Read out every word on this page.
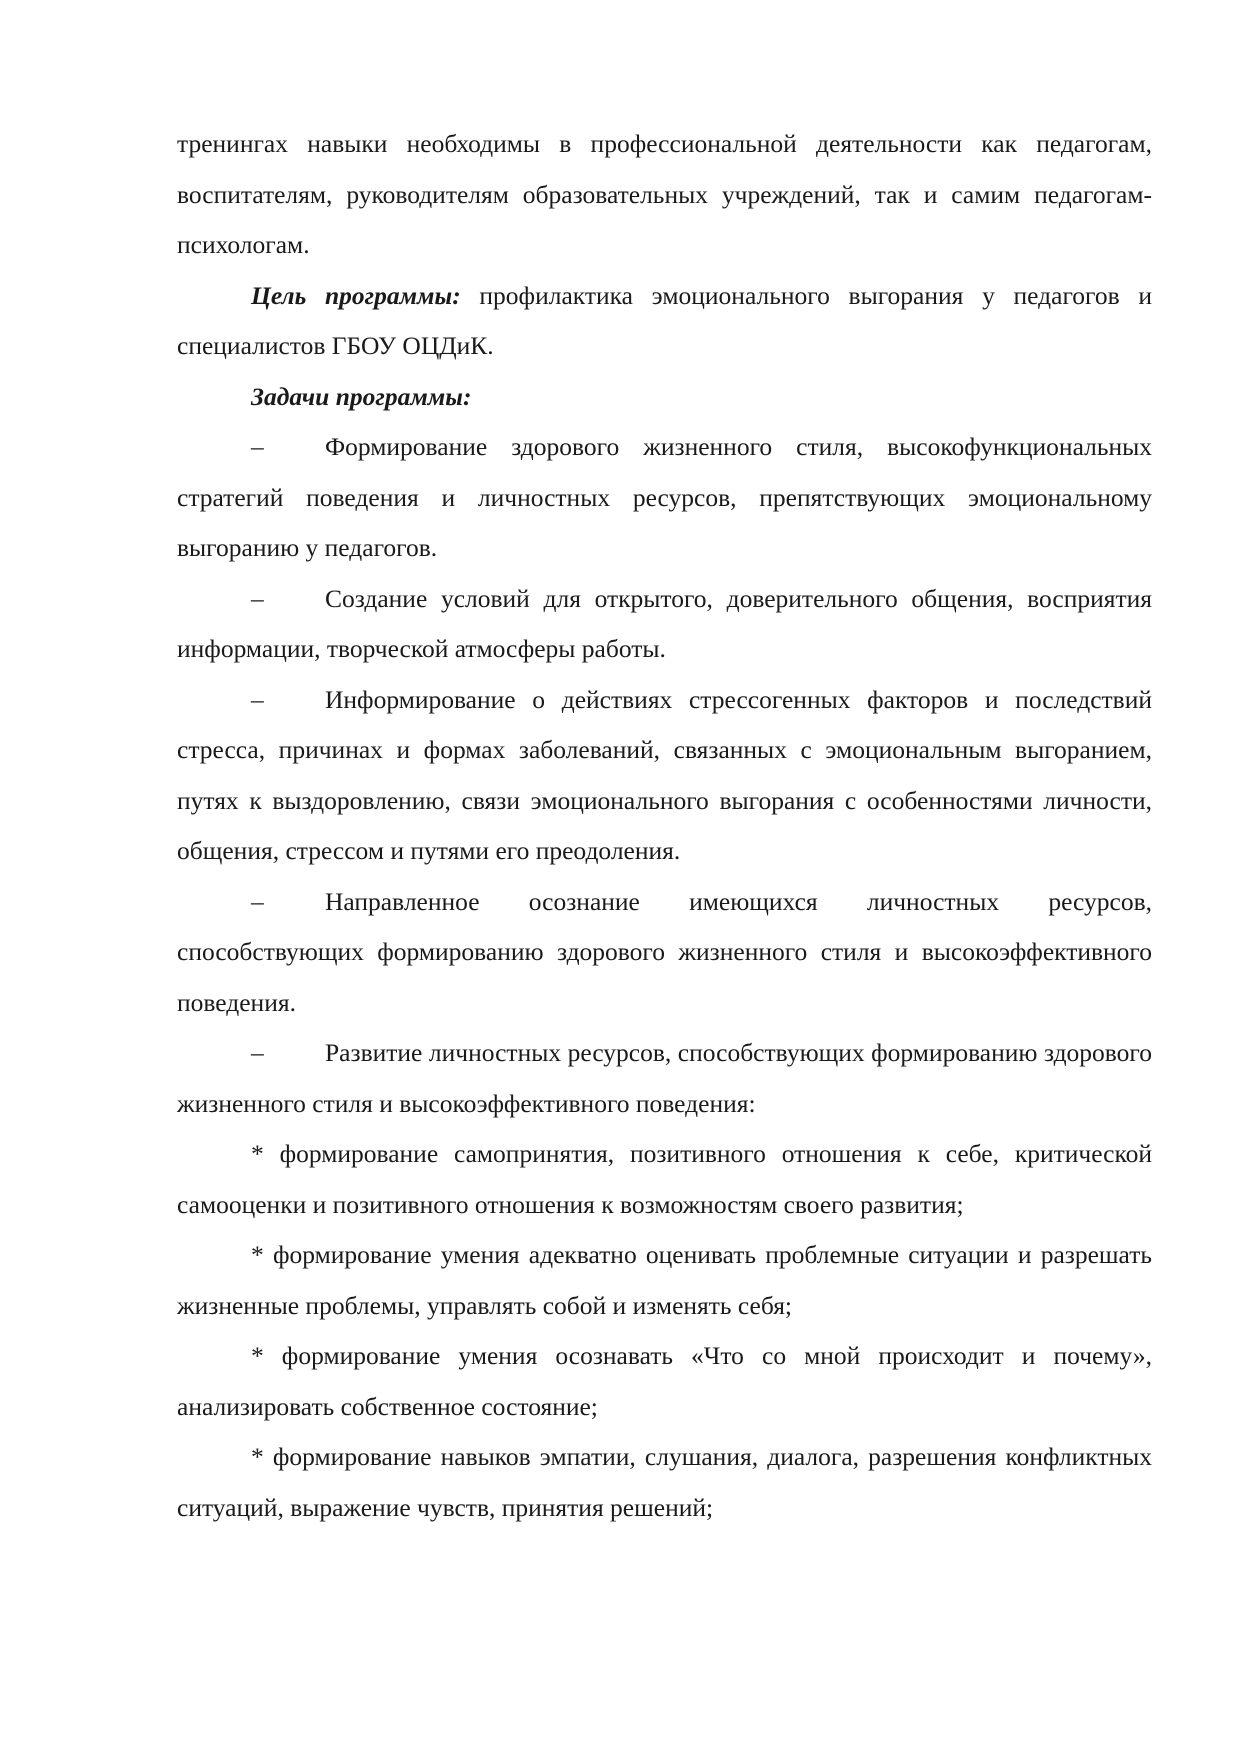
тренингах навыки необходимы в профессиональной деятельности как педагогам, воспитателям, руководителям образовательных учреждений, так и самим педагогам-психологам.

Цель программы: профилактика эмоционального выгорания у педагогов и специалистов ГБОУ ОЦДиК.

Задачи программы:

– Формирование здорового жизненного стиля, высокофункциональных стратегий поведения и личностных ресурсов, препятствующих эмоциональному выгоранию у педагогов.

– Создание условий для открытого, доверительного общения, восприятия информации, творческой атмосферы работы.

– Информирование о действиях стрессогенных факторов и последствий стресса, причинах и формах заболеваний, связанных с эмоциональным выгоранием, путях к выздоровлению, связи эмоционального выгорания с особенностями личности, общения, стрессом и путями его преодоления.

– Направленное осознание имеющихся личностных ресурсов, способствующих формированию здорового жизненного стиля и высокоэффективного поведения.

– Развитие личностных ресурсов, способствующих формированию здорового жизненного стиля и высокоэффективного поведения:

* формирование самопринятия, позитивного отношения к себе, критической самооценки и позитивного отношения к возможностям своего развития;

* формирование умения адекватно оценивать проблемные ситуации и разрешать жизненные проблемы, управлять собой и изменять себя;

* формирование умения осознавать «Что со мной происходит и почему», анализировать собственное состояние;

* формирование навыков эмпатии, слушания, диалога, разрешения конфликтных ситуаций, выражение чувств, принятия решений;
